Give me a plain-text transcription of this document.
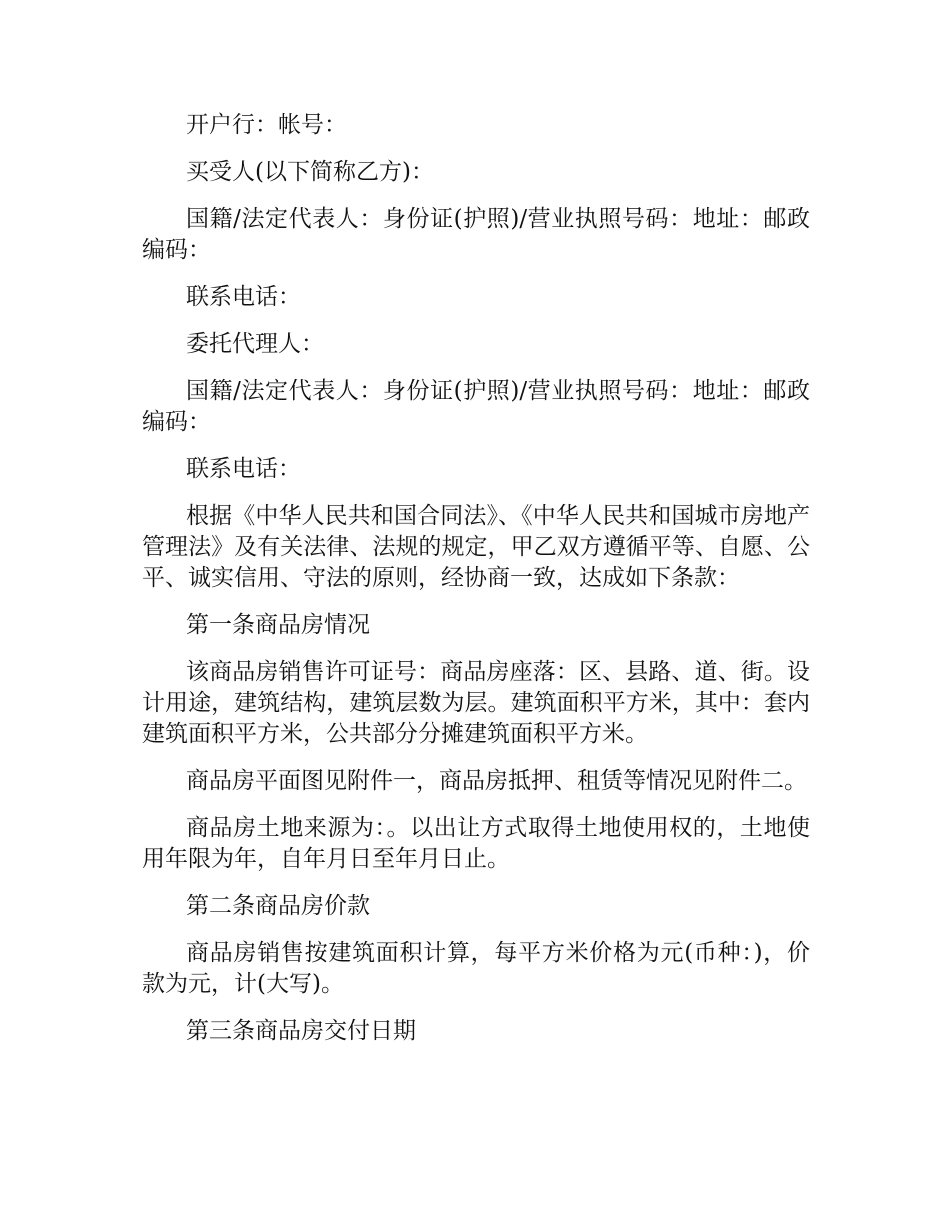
开户行：帐号：

买受人(以下简称乙方)：

国籍/法定代表人：身份证(护照)/营业执照号码：地址：邮政编码：

联系电话：

委托代理人：

国籍/法定代表人：身份证(护照)/营业执照号码：地址：邮政编码：

联系电话：

根据《中华人民共和国合同法》、《中华人民共和国城市房地产管理法》及有关法律、法规的规定，甲乙双方遵循平等、自愿、公平、诚实信用、守法的原则，经协商一致，达成如下条款：

第一条商品房情况

该商品房销售许可证号：商品房座落：区、县路、道、街。设计用途，建筑结构，建筑层数为层。建筑面积平方米，其中：套内建筑面积平方米，公共部分分摊建筑面积平方米。

商品房平面图见附件一，商品房抵押、租赁等情况见附件二。

商品房土地来源为：。以出让方式取得土地使用权的，土地使用年限为年，自年月日至年月日止。

第二条商品房价款

商品房销售按建筑面积计算，每平方米价格为元(币种：)，价款为元，计(大写)。

第三条商品房交付日期
